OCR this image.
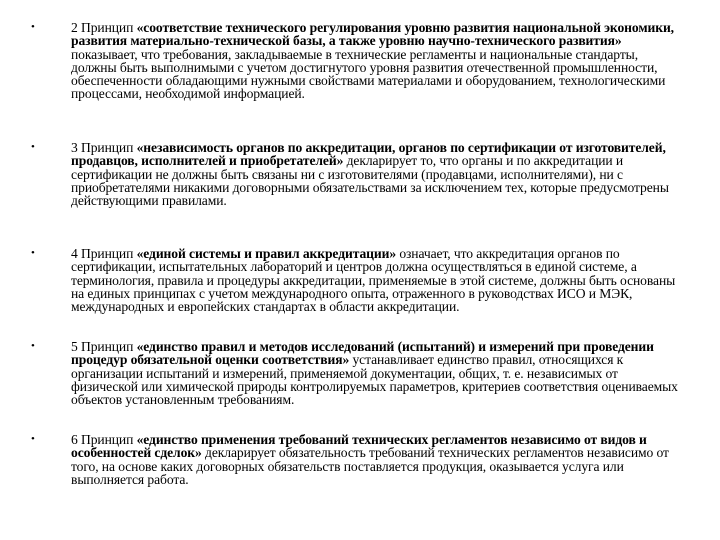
•	2 Принцип «соответствие технического регулирования уровню развития национальной экономики, развития материально-технической базы, а также уровню научно-технического развития» показывает, что требования, закладываемые в технические регламенты и национальные стандарты, должны быть выполнимыми с учетом достигнутого уровня развития отечественной промышленности, обеспеченности обладающими нужными свойствами материалами и оборудованием, технологическими процессами, необходимой информацией.
•	3 Принцип «независимость органов по аккредитации, органов по сертификации от изготовителей, продавцов, исполнителей и приобретателей» декларирует то, что органы и по аккредитации и сертификации не должны быть связаны ни с изготовителями (продавцами, исполнителями), ни с приобретателями никакими договорными обязательствами за исключением тех, которые предусмотрены действующими правилами.
•	4 Принцип «единой системы и правил аккредитации» означает, что аккредитация органов по сертификации, испытательных лабораторий и центров должна осуществляться в единой системе, а терминология, правила и процедуры аккредитации, применяемые в этой системе, должны быть основаны на единых принципах с учетом международного опыта, отраженного в руководствах ИСО и МЭК, международных и европейских стандартах в области аккредитации.
•	5 Принцип «единство правил и методов исследований (испытаний) и измерений при проведении процедур обязательной оценки соответствия» устанавливает единство правил, относящихся к организации испытаний и измерений, применяемой документации, общих, т. е. независимых от физической или химической природы контролируемых параметров, критериев соответствия оцениваемых объектов установленным требованиям.
•	6 Принцип «единство применения требований технических регламентов независимо от видов и особенностей сделок» декларирует обязательность требований технических регламентов независимо от того, на основе каких договорных обязательств поставляется продукция, оказывается услуга или выполняется работа.
